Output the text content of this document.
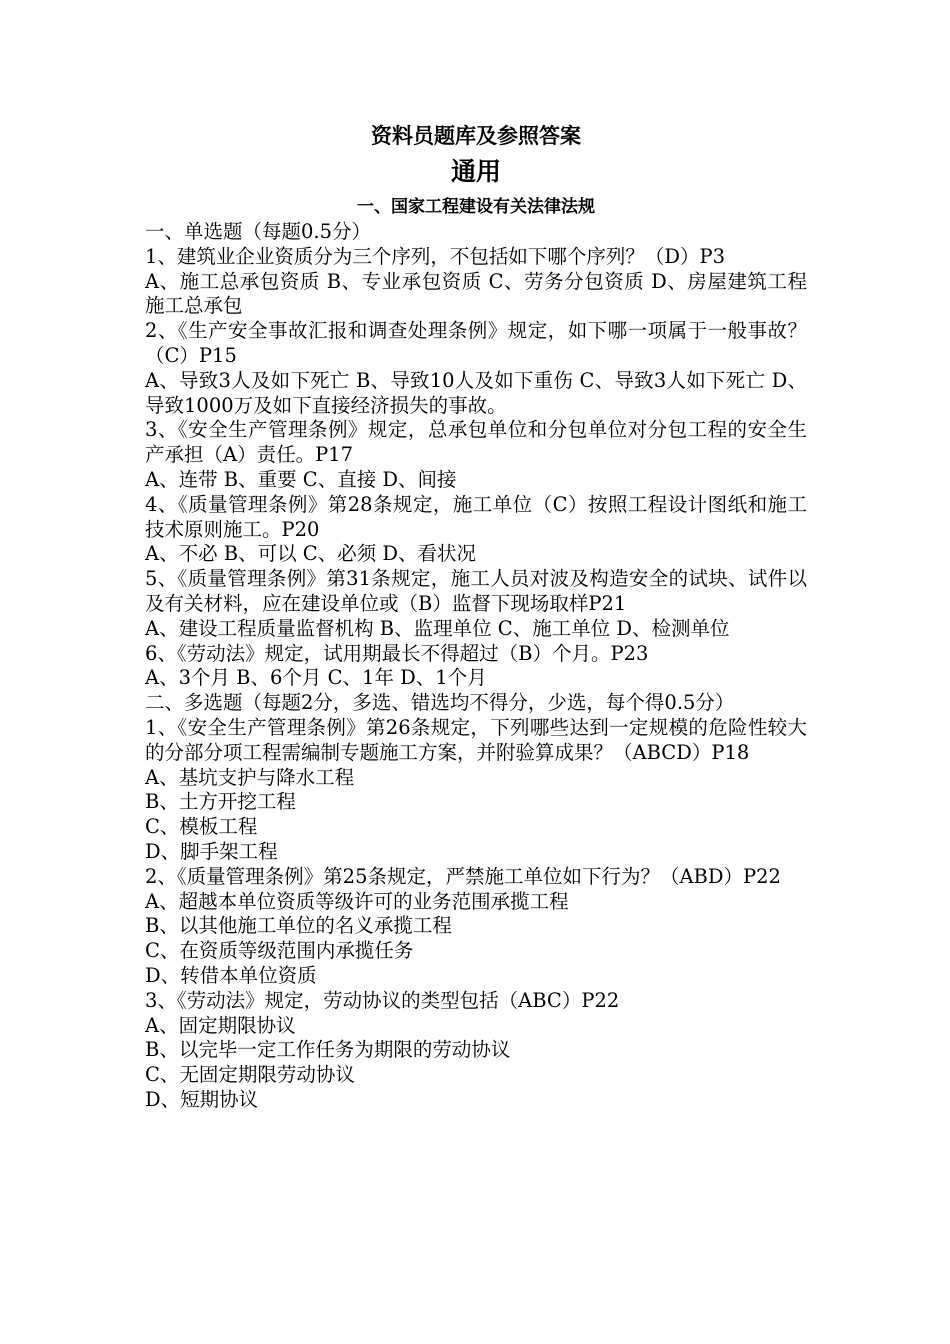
资料员题库及参照答案
通用
一、国家工程建设有关法律法规
一、单选题（每题0.5分）
1、建筑业企业资质分为三个序列，不包括如下哪个序列？（D）P3
A、施工总承包资质 B、专业承包资质 C、劳务分包资质 D、房屋建筑工程施工总承包
2、《生产安全事故汇报和调查处理条例》规定，如下哪一项属于一般事故？（C）P15
A、导致3人及如下死亡 B、导致10人及如下重伤 C、导致3人如下死亡 D、导致1000万及如下直接经济损失的事故。
3、《安全生产管理条例》规定，总承包单位和分包单位对分包工程的安全生产承担（A）责任。P17
A、连带 B、重要 C、直接 D、间接
4、《质量管理条例》第28条规定，施工单位（C）按照工程设计图纸和施工技术原则施工。P20
A、不必 B、可以 C、必须 D、看状况
5、《质量管理条例》第31条规定，施工人员对波及构造安全的试块、试件以及有关材料，应在建设单位或（B）监督下现场取样P21
A、建设工程质量监督机构 B、监理单位 C、施工单位 D、检测单位
6、《劳动法》规定，试用期最长不得超过（B）个月。P23
A、3个月 B、6个月 C、1年 D、1个月
二、多选题（每题2分，多选、错选均不得分，少选，每个得0.5分）
1、《安全生产管理条例》第26条规定，下列哪些达到一定规模的危险性较大的分部分项工程需编制专题施工方案，并附验算成果？（ABCD）P18
A、基坑支护与降水工程
B、土方开挖工程
C、模板工程
D、脚手架工程
2、《质量管理条例》第25条规定，严禁施工单位如下行为？（ABD）P22
A、超越本单位资质等级许可的业务范围承揽工程
B、以其他施工单位的名义承揽工程
C、在资质等级范围内承揽任务
D、转借本单位资质
3、《劳动法》规定，劳动协议的类型包括（ABC）P22
A、固定期限协议
B、以完毕一定工作任务为期限的劳动协议
C、无固定期限劳动协议
D、短期协议
